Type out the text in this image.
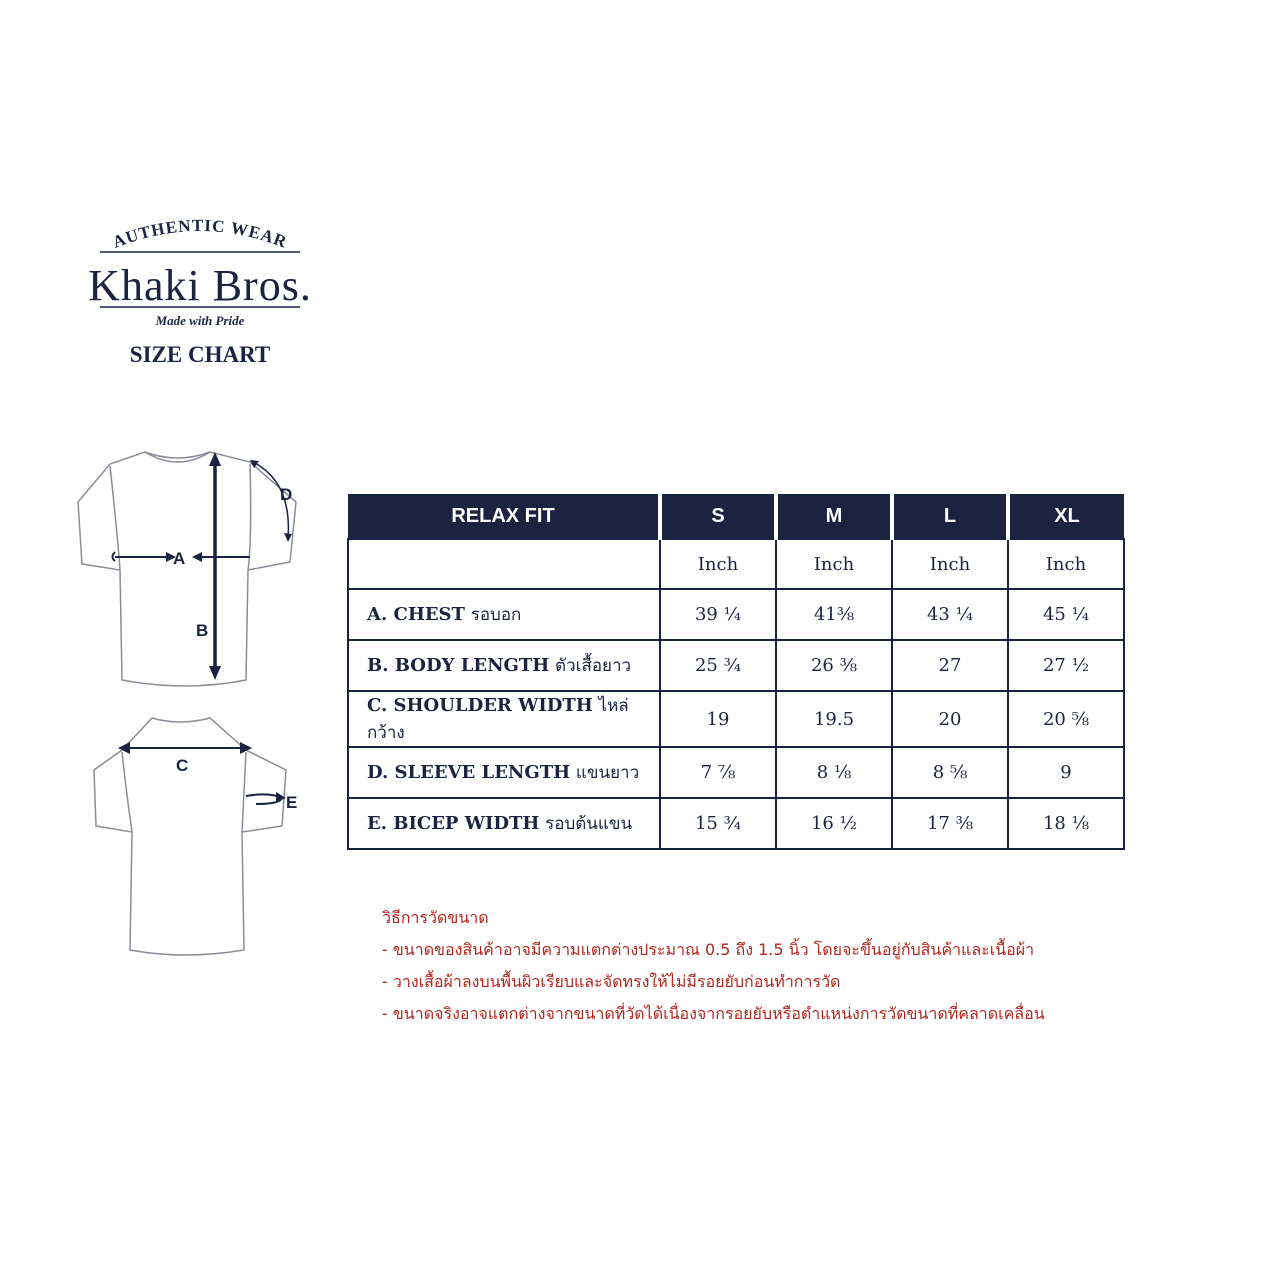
AUTHENTIC WEAR
Khaki Bros.
Made with Pride
SIZE CHART
A
B
D
C
E
RELAX FIT	S	M	L	XL
	Inch	Inch	Inch	Inch
A. CHEST รอบอก	39 ¼	41⅜	43 ¼	45 ¼
B. BODY LENGTH ตัวเสื้อยาว	25 ¾	26 ⅜	27	27 ½
C. SHOULDER WIDTH ไหล่กว้าง	19	19.5	20	20 ⅝
D. SLEEVE LENGTH แขนยาว	7 ⅞	8 ⅛	8 ⅝	9
E. BICEP WIDTH รอบต้นแขน	15 ¾	16 ½	17 ⅜	18 ⅛
วิธีการวัดขนาด
- ขนาดของสินค้าอาจมีความแตกต่างประมาณ 0.5 ถึง 1.5 นิ้ว โดยจะขึ้นอยู่กับสินค้าและเนื้อผ้า
- วางเสื้อผ้าลงบนพื้นผิวเรียบและจัดทรงให้ไม่มีรอยยับก่อนทำการวัด
- ขนาดจริงอาจแตกต่างจากขนาดที่วัดได้เนื่องจากรอยยับหรือตำแหน่งการวัดขนาดที่คลาดเคลื่อน
